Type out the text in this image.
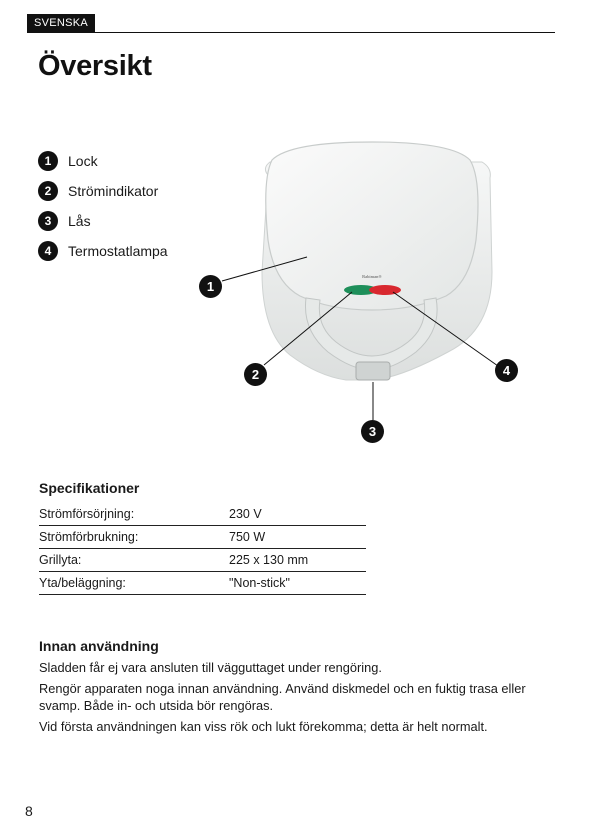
SVENSKA
Översikt
1	Lock
2	Strömindikator
3	Lås
4	Termostatlampa
Rabiman®
1
2
3
4
Specifikationer
Strömförsörjning:	230 V
Strömförbrukning:	750 W
Grillyta:	225 x 130 mm
Yta/beläggning:	"Non-stick"
Innan användning

Sladden får ej vara ansluten till vägguttaget under rengöring.

Rengör apparaten noga innan användning. Använd diskmedel och en fuktig trasa eller svamp. Både in- och utsida bör rengöras.

Vid första användningen kan viss rök och lukt förekomma; detta är helt normalt.

8
